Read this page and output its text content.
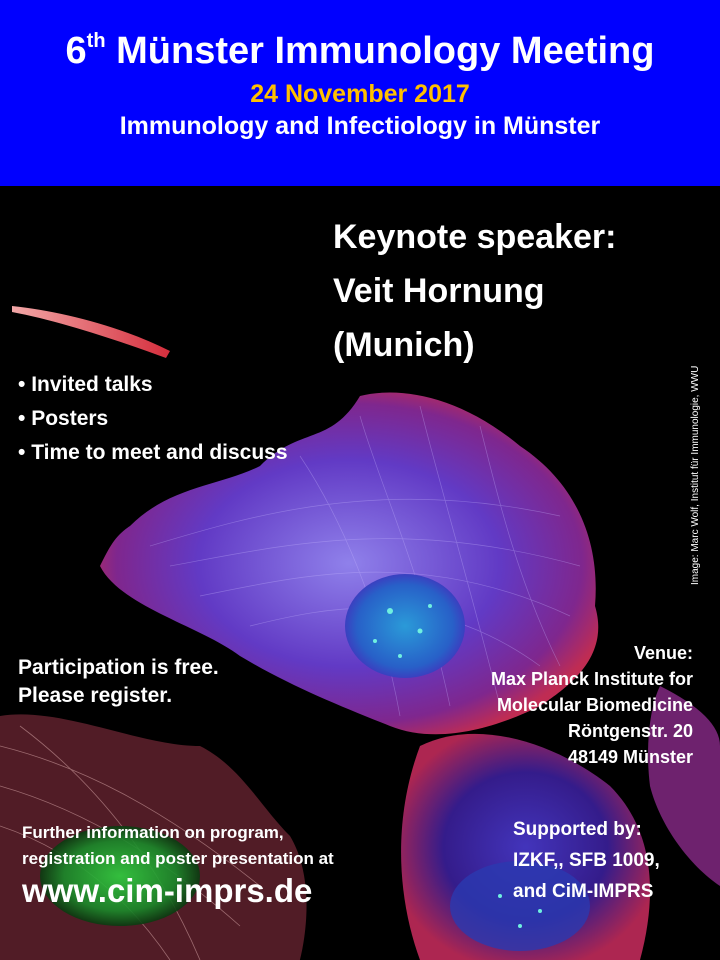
6th Münster Immunology Meeting
24 November 2017
Immunology and Infectiology in Münster
Keynote speaker:
Veit Hornung
(Munich)
• Invited talks
• Posters
• Time to meet and discuss	Image: Marc Wolf, Institut für Immunologie, WWU
Participation is free.
Please register.
Venue:
Max Planck Institute for
Molecular Biomedicine
Röntgenstr. 20
48149 Münster
Further information on program,
registration and poster presentation at
www.cim-imprs.de
Supported by:
IZKF,, SFB 1009,
and CiM-IMPRS
